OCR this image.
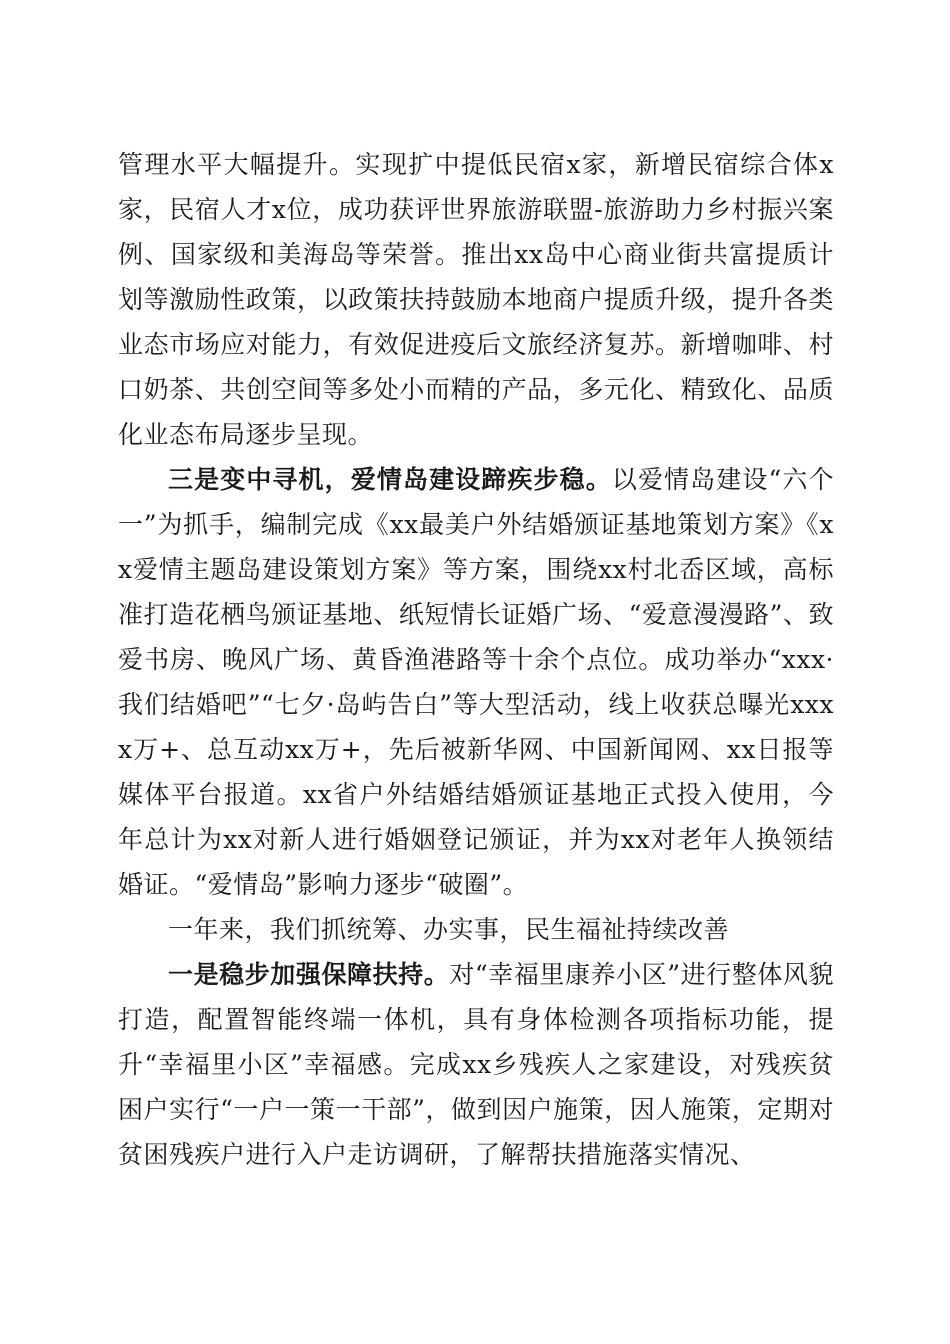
管理水平大幅提升。实现扩中提低民宿x家，新增民宿综合体x家，民宿人才x位，成功获评世界旅游联盟-旅游助力乡村振兴案例、国家级和美海岛等荣誉。推出xx岛中心商业街共富提质计划等激励性政策，以政策扶持鼓励本地商户提质升级，提升各类业态市场应对能力，有效促进疫后文旅经济复苏。新增咖啡、村口奶茶、共创空间等多处小而精的产品，多元化、精致化、品质化业态布局逐步呈现。

三是变中寻机，爱情岛建设蹄疾步稳。以爱情岛建设“六个一”为抓手，编制完成《xx最美户外结婚颁证基地策划方案》《xx爱情主题岛建设策划方案》等方案，围绕xx村北岙区域，高标准打造花栖鸟颁证基地、纸短情长证婚广场、“爱意漫漫路”、致爱书房、晚风广场、黄昏渔港路等十余个点位。成功举办“xxx·我们结婚吧”“七夕·岛屿告白”等大型活动，线上收获总曝光xxxx万+、总互动xx万+，先后被新华网、中国新闻网、xx日报等媒体平台报道。xx省户外结婚结婚颁证基地正式投入使用，今年总计为xx对新人进行婚姻登记颁证，并为xx对老年人换领结婚证。“爱情岛”影响力逐步“破圈”。

一年来，我们抓统筹、办实事，民生福祉持续改善

一是稳步加强保障扶持。对“幸福里康养小区”进行整体风貌打造，配置智能终端一体机，具有身体检测各项指标功能，提升“幸福里小区”幸福感。完成xx乡残疾人之家建设，对残疾贫困户实行“一户一策一干部”，做到因户施策，因人施策，定期对贫困残疾户进行入户走访调研，了解帮扶措施落实情况、
